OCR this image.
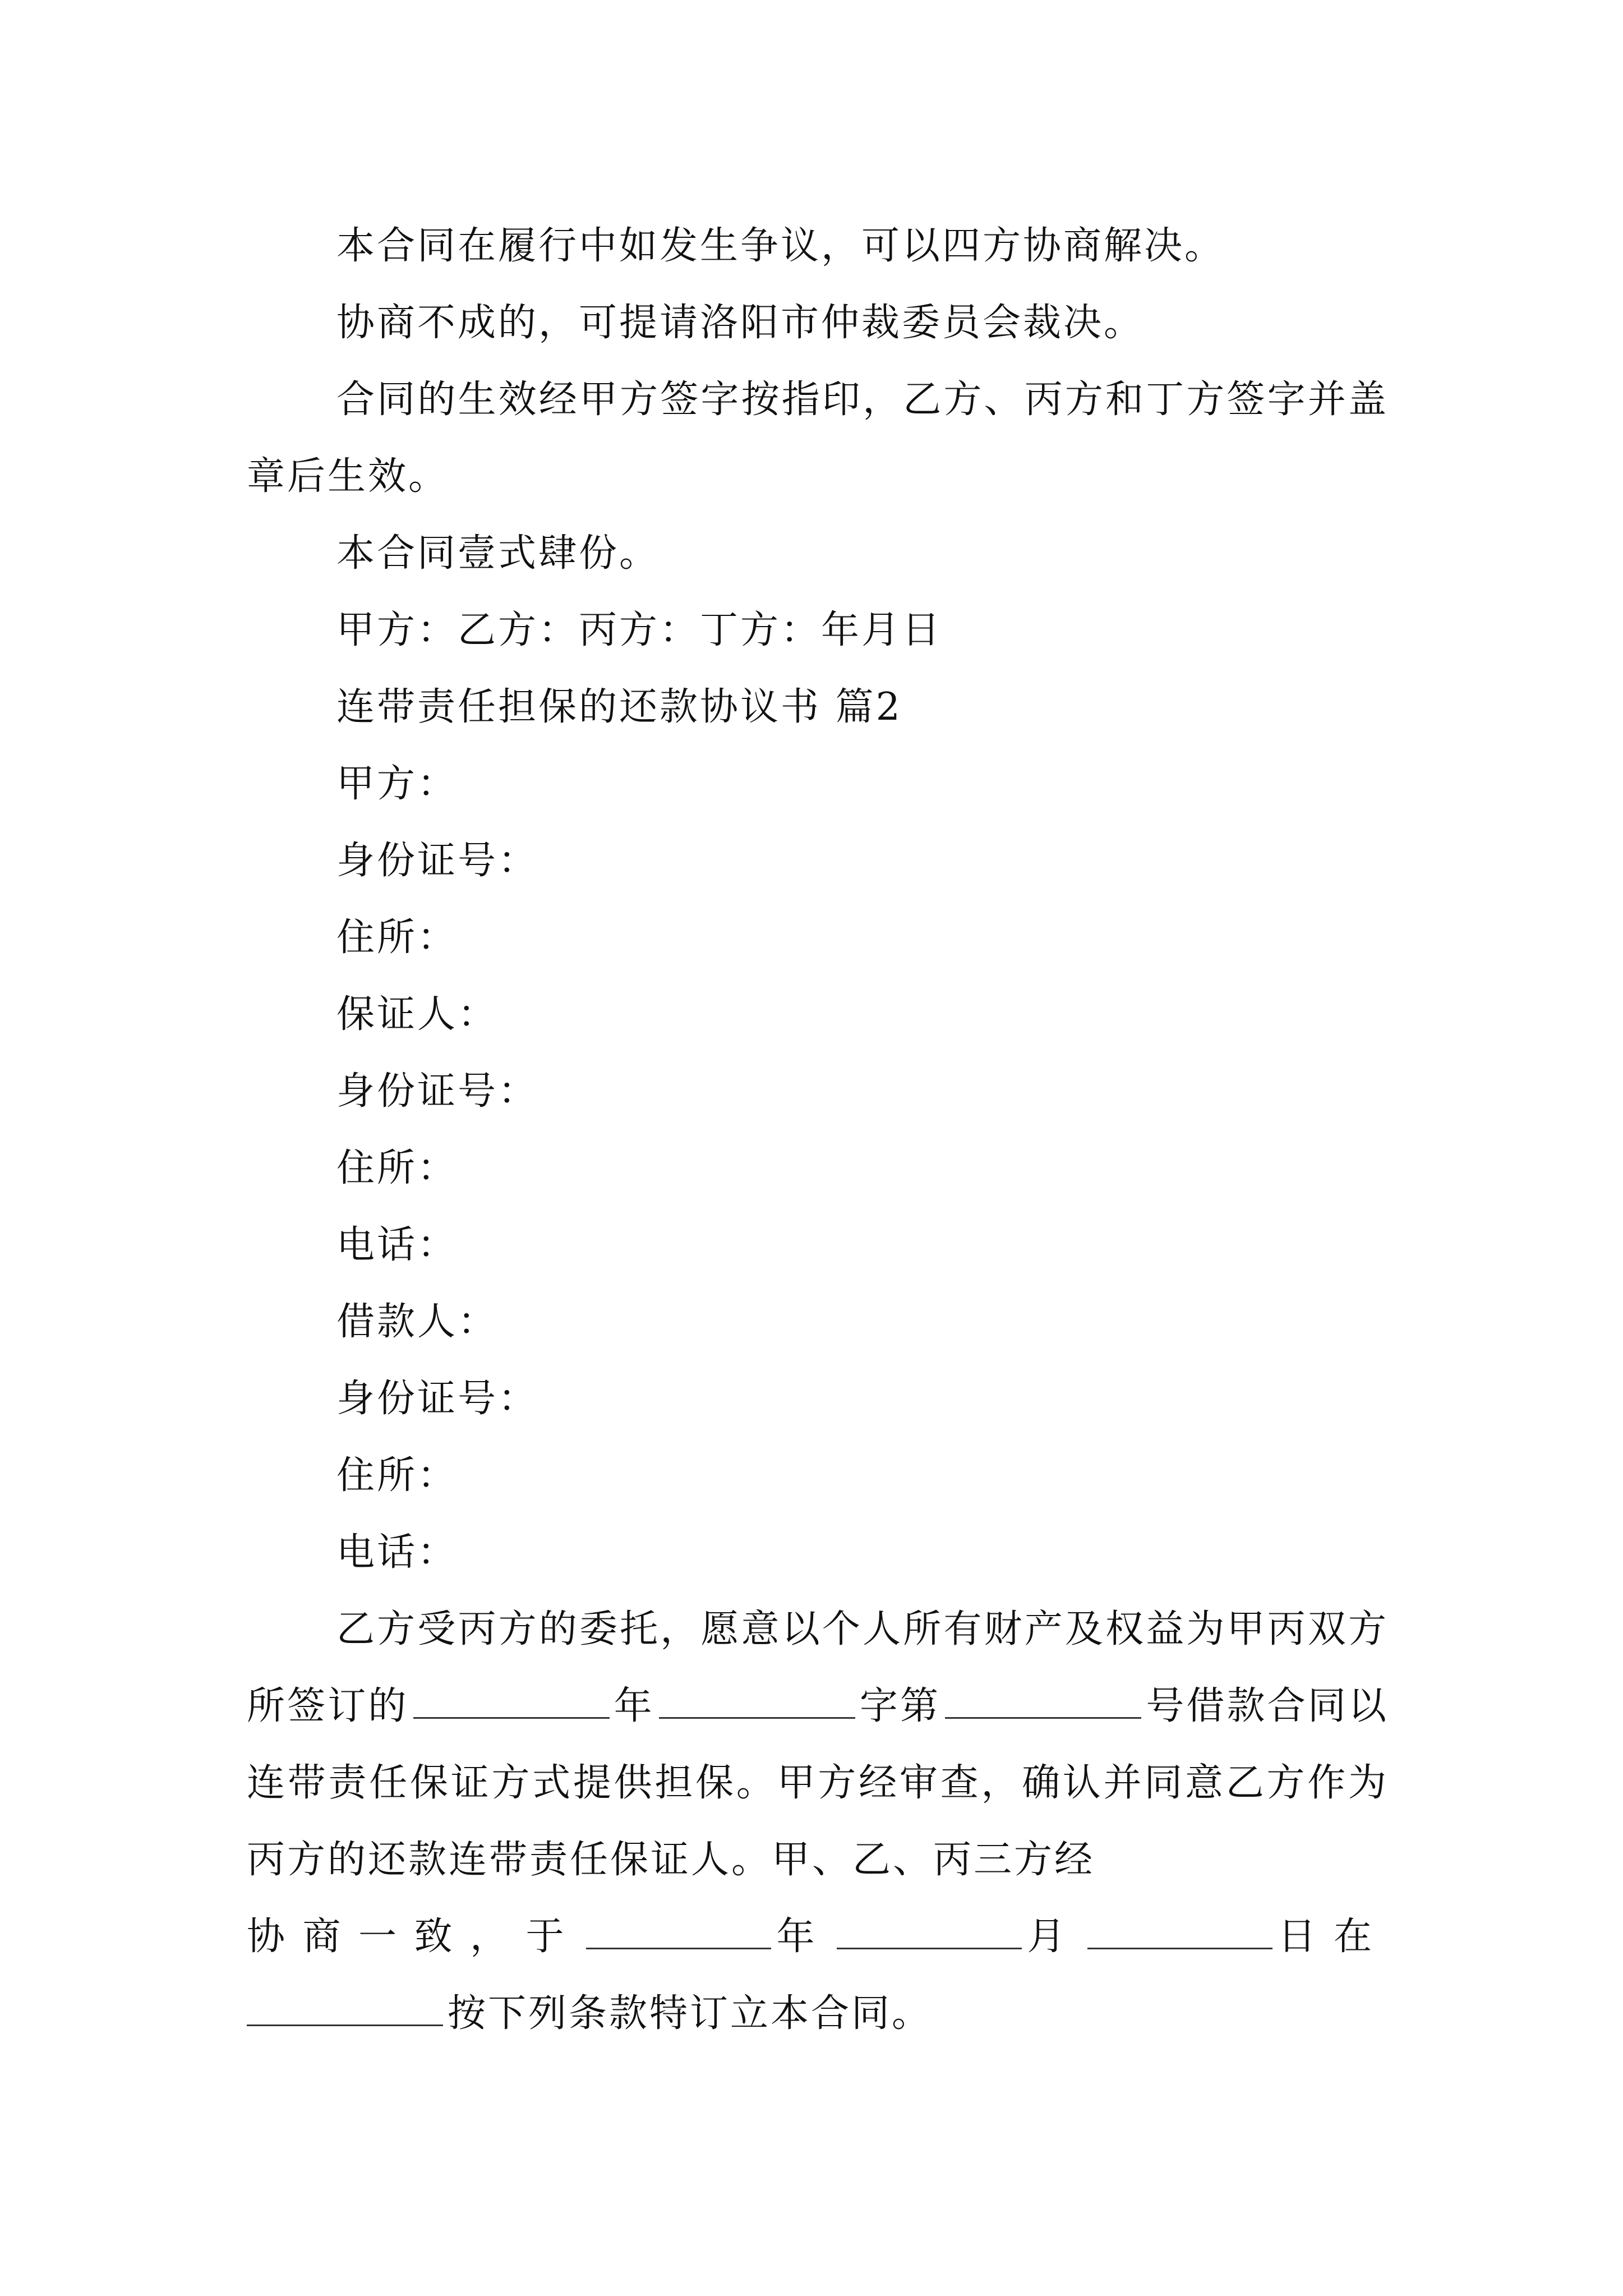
本合同在履行中如发生争议，可以四方协商解决。

协商不成的，可提请洛阳市仲裁委员会裁决。

合同的生效经甲方签字按指印，乙方、丙方和丁方签字并盖章后生效。

本合同壹式肆份。

甲方：乙方：丙方：丁方：年月日

连带责任担保的还款协议书 篇2

甲方：

身份证号：

住所：

保证人：

身份证号：

住所：

电话：

借款人：

身份证号：

住所：

电话：

乙方受丙方的委托，愿意以个人所有财产及权益为甲丙双方所签订的	年	字第	号借款合同以连带责任保证方式提供担保。甲方经审查，确认并同意乙方作为丙方的还款连带责任保证人。甲、乙、丙三方经

协商一致，于	年	月	日在

按下列条款特订立本合同。
